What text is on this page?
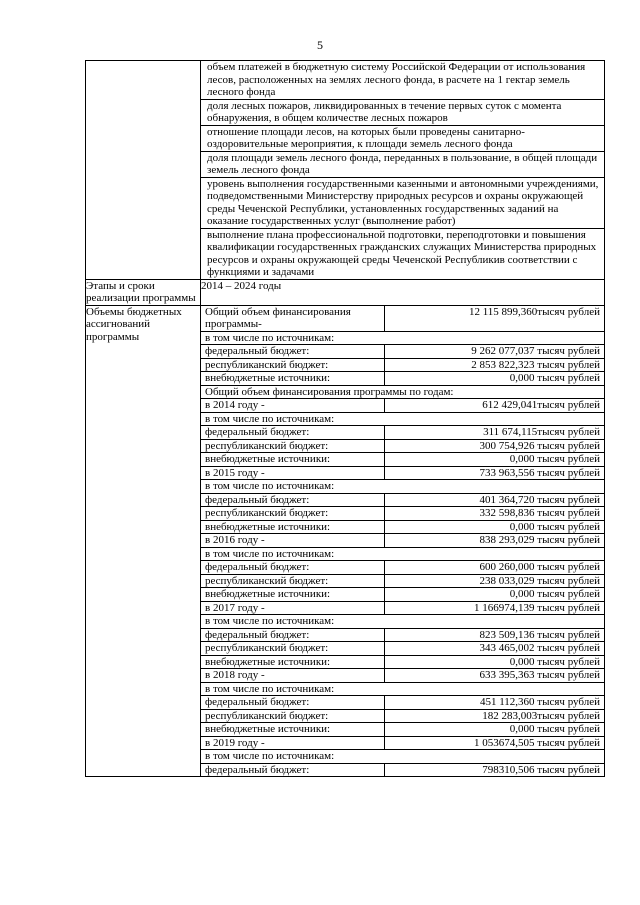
5

объем платежей в бюджетную систему Российской Федерации от использования лесов, расположенных на землях лесного фонда, в расчете на 1 гектар земель лесного фонда
доля лесных пожаров, ликвидированных в течение первых суток с момента обнаружения, в общем количестве лесных пожаров
отношение площади лесов, на которых были проведены санитарно-оздоровительные мероприятия, к площади земель лесного фонда
доля площади земель лесного фонда, переданных в пользование, в общей площади земель лесного фонда
уровень выполнения государственными казенными и автономными учреждениями, подведомственными Министерству природных ресурсов и охраны окружающей среды Чеченской Республики, установленных государственных заданий на оказание государственных услуг (выполнение работ)
выполнение плана профессиональной подготовки, переподготовки и повышения квалификации государственных гражданских служащих Министерства природных ресурсов и охраны окружающей среды Чеченской Республикив соответствии с функциями и задачами

Этапы и сроки реализации программы	2014 – 2024 годы
Объемы бюджетных ассигнований программы	
Общий объем финансирования программы-	12 115 899,360тысяч рублей
в том числе по источникам:
федеральный бюджет:	9 262 077,037 тысяч рублей
республиканский бюджет:	2 853 822,323 тысяч рублей
внебюджетные источники:	0,000 тысяч рублей
Общий объем финансирования программы по годам:
в 2014 году -	612 429,041тысяч рублей
в том числе по источникам:
федеральный бюджет:	311 674,115тысяч рублей
республиканский бюджет:	300 754,926 тысяч рублей
внебюджетные источники:	0,000 тысяч рублей
в 2015 году -	733 963,556 тысяч рублей
в том числе по источникам:
федеральный бюджет:	401 364,720 тысяч рублей
республиканский бюджет:	332 598,836 тысяч рублей
внебюджетные источники:	0,000 тысяч рублей
в 2016 году -	838 293,029 тысяч рублей
в том числе по источникам:
федеральный бюджет:	600 260,000 тысяч рублей
республиканский бюджет:	238 033,029 тысяч рублей
внебюджетные источники:	0,000 тысяч рублей
в 2017 году -	1 166974,139 тысяч рублей
в том числе по источникам:
федеральный бюджет:	823 509,136 тысяч рублей
республиканский бюджет:	343 465,002 тысяч рублей
внебюджетные источники:	0,000 тысяч рублей
в 2018 году -	633 395,363 тысяч рублей
в том числе по источникам:
федеральный бюджет:	451 112,360 тысяч рублей
республиканский бюджет:	182 283,003тысяч рублей
внебюджетные источники:	0,000 тысяч рублей
в 2019 году -	1 053674,505 тысяч рублей
в том числе по источникам:
федеральный бюджет:	798310,506 тысяч рублей
